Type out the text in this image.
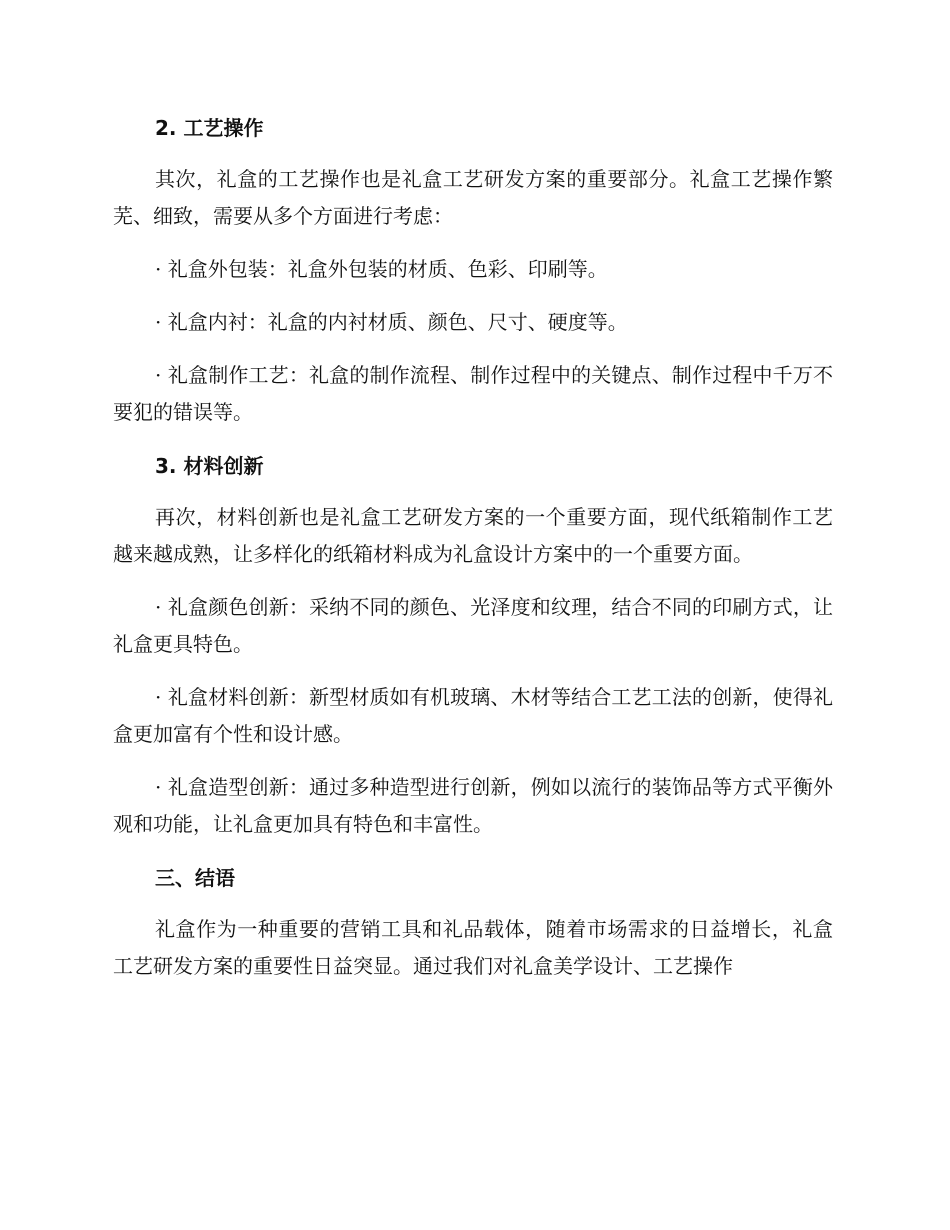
2. 工艺操作

其次，礼盒的工艺操作也是礼盒工艺研发方案的重要部分。礼盒工艺操作繁芜、细致，需要从多个方面进行考虑：

· 礼盒外包装：礼盒外包装的材质、色彩、印刷等。

· 礼盒内衬：礼盒的内衬材质、颜色、尺寸、硬度等。

· 礼盒制作工艺：礼盒的制作流程、制作过程中的关键点、制作过程中千万不要犯的错误等。

3. 材料创新

再次，材料创新也是礼盒工艺研发方案的一个重要方面，现代纸箱制作工艺越来越成熟，让多样化的纸箱材料成为礼盒设计方案中的一个重要方面。

· 礼盒颜色创新：采纳不同的颜色、光泽度和纹理，结合不同的印刷方式，让礼盒更具特色。

· 礼盒材料创新：新型材质如有机玻璃、木材等结合工艺工法的创新，使得礼盒更加富有个性和设计感。

· 礼盒造型创新：通过多种造型进行创新，例如以流行的装饰品等方式平衡外观和功能，让礼盒更加具有特色和丰富性。

三、结语

礼盒作为一种重要的营销工具和礼品载体，随着市场需求的日益增长，礼盒工艺研发方案的重要性日益突显。通过我们对礼盒美学设计、工艺操作
